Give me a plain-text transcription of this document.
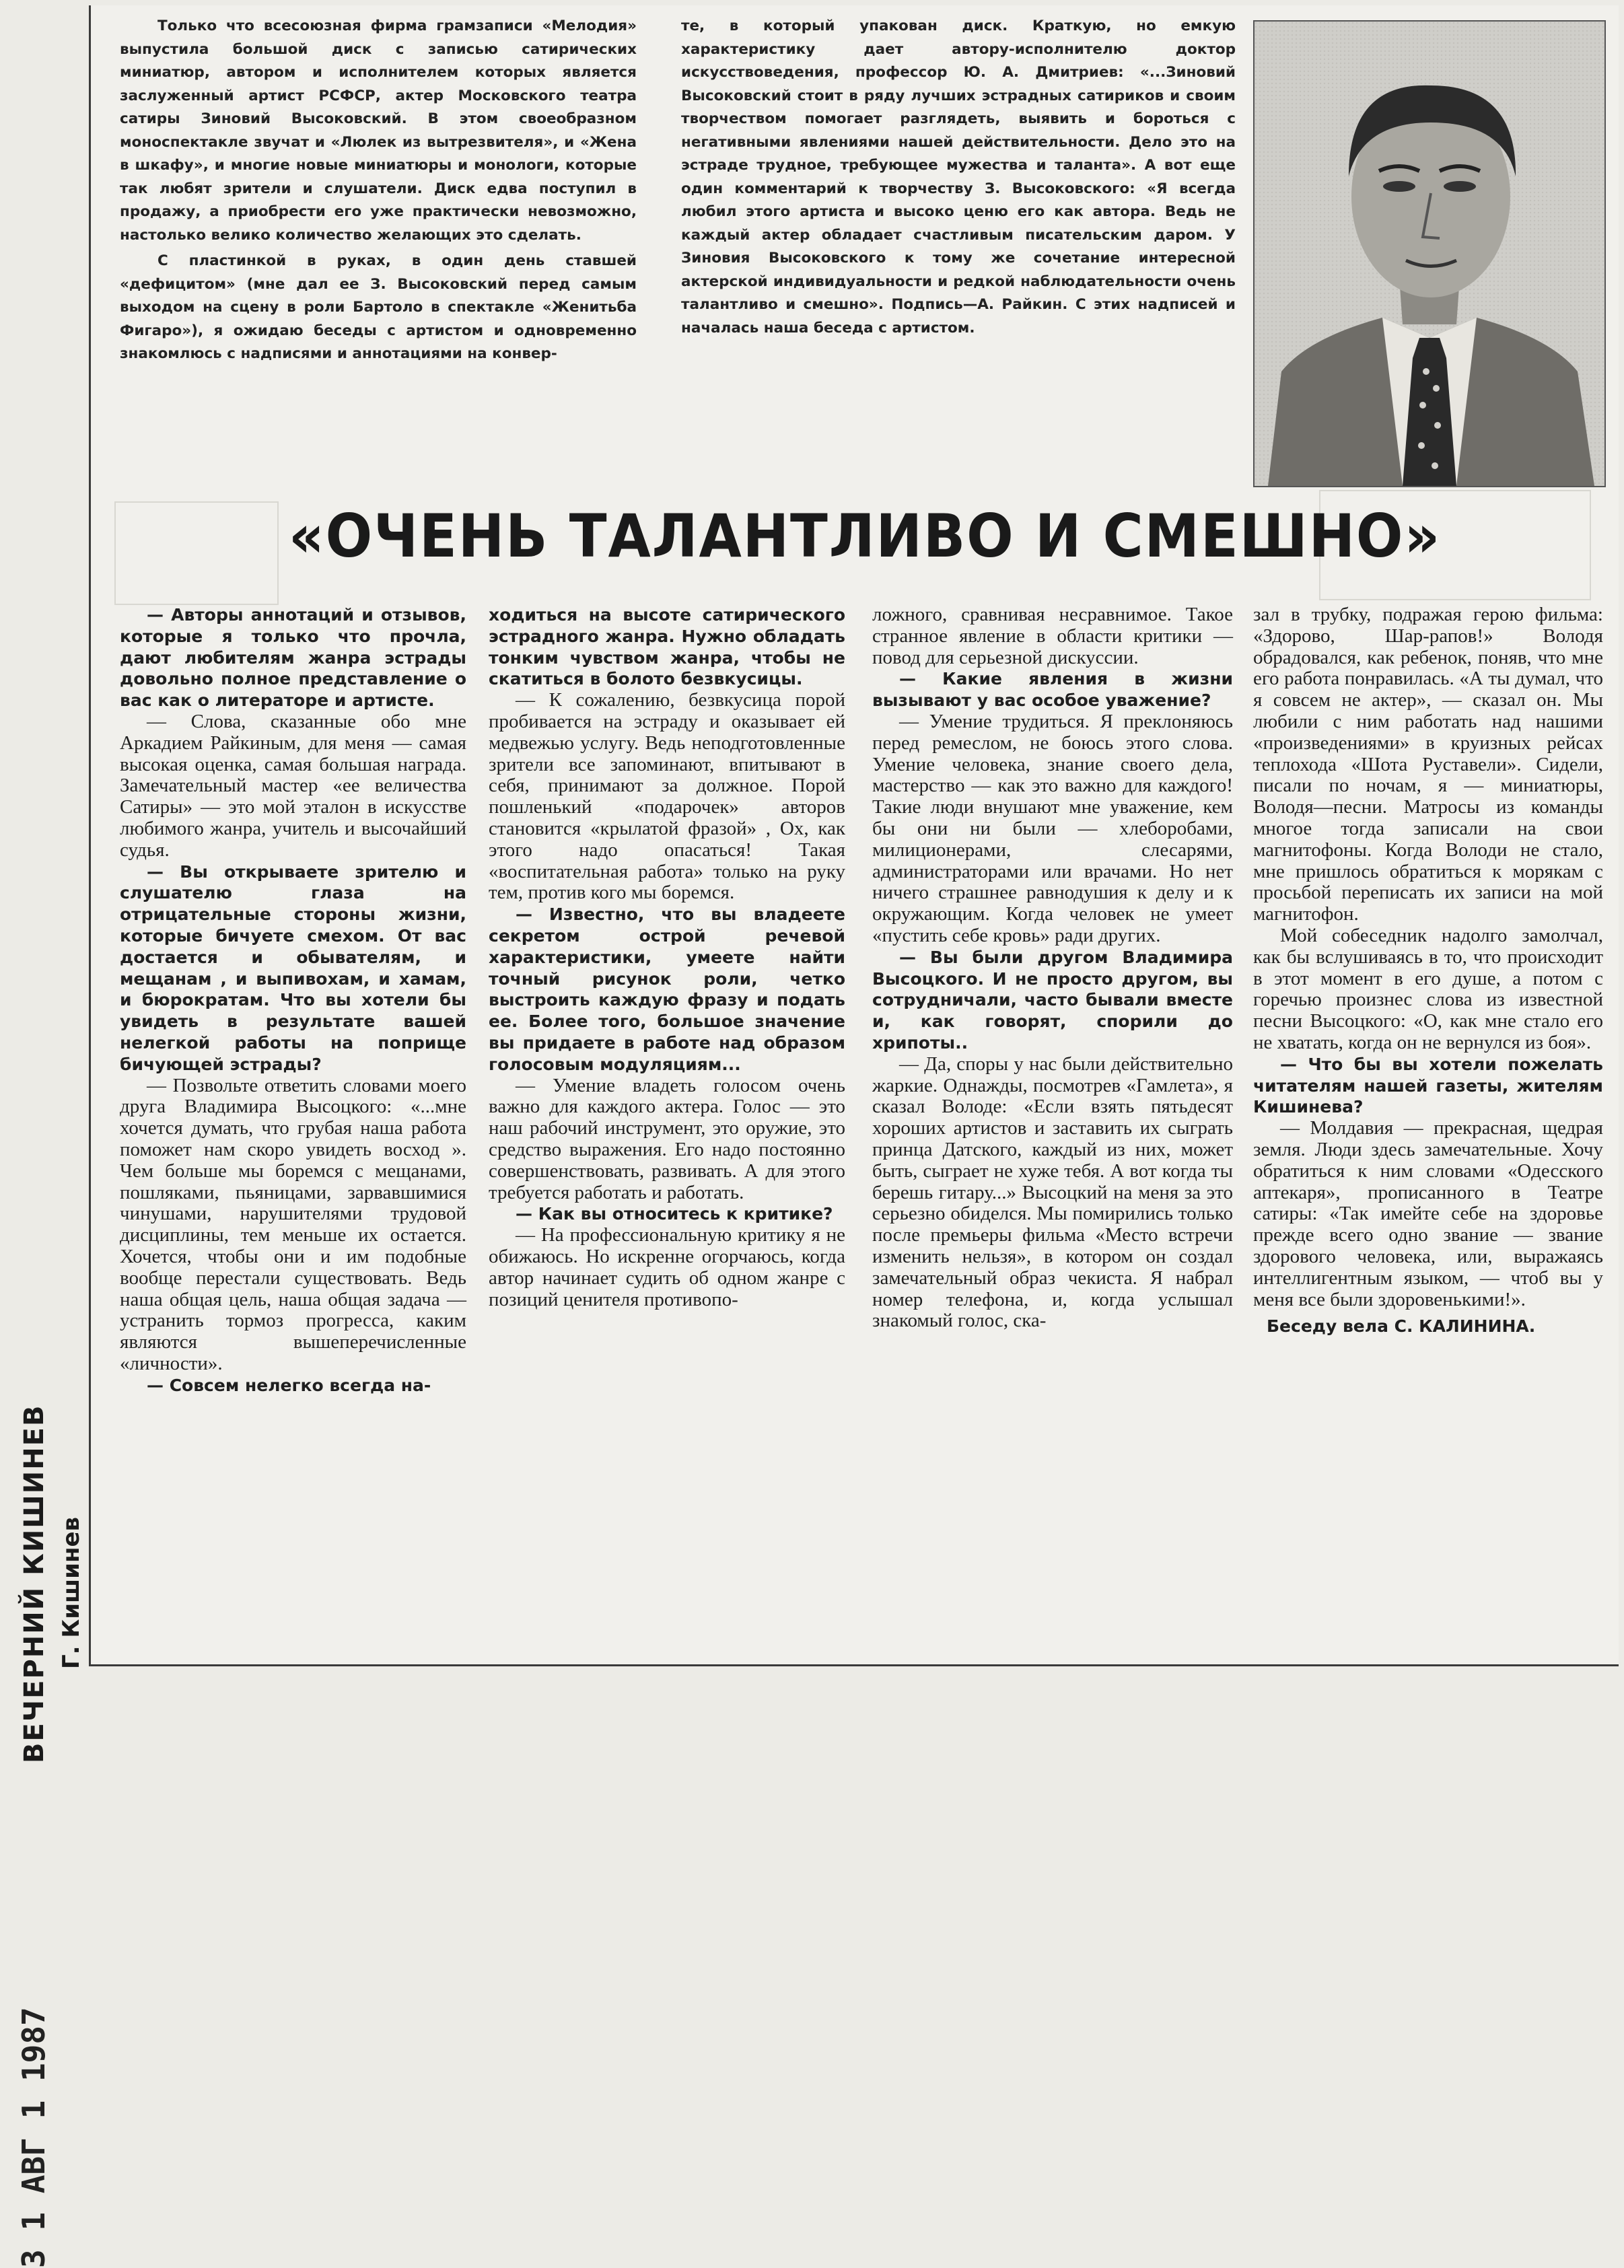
ВЕЧЕРНИЙ КИШИНЕВ Г. Кишинев
3 1 АВГ 1 1987

Только что всесоюзная фирма грамзаписи «Мелодия» выпустила большой диск с записью сатирических миниатюр, автором и исполнителем которых является заслуженный артист РСФСР, актер Московского театра сатиры Зиновий Высоковский. В этом своеобразном моноспектакле звучат и «Люлек из вытрезвителя», и «Жена в шкафу», и многие новые миниатюры и монологи, которые так любят зрители и слушатели. Диск едва поступил в продажу, а приобрести его уже практически невозможно, настолько велико количество желающих это сделать.

С пластинкой в руках, в один день ставшей «дефицитом» (мне дал ее З. Высоковский перед самым выходом на сцену в роли Бартоло в спектакле «Женитьба Фигаро»), я ожидаю беседы с артистом и одновременно знакомлюсь с надписями и аннотациями на конвер-

те, в который упакован диск. Краткую, но емкую характеристику дает автору-исполнителю доктор искусствоведения, профессор Ю. А. Дмитриев: «...Зиновий Высоковский стоит в ряду лучших эстрадных сатириков и своим творчеством помогает разглядеть, выявить и бороться с негативными явлениями нашей действительности. Дело это на эстраде трудное, требующее мужества и таланта». А вот еще один комментарий к творчеству З. Высоковского: «Я всегда любил этого артиста и высоко ценю его как автора. Ведь не каждый актер обладает счастливым писательским даром. У Зиновия Высоковского к тому же сочетание интересной актерской индивидуальности и редкой наблюдательности очень талантливо и смешно». Подпись—А. Райкин. С этих надписей и началась наша беседа с артистом.

«ОЧЕНЬ ТАЛАНТЛИВО И СМЕШНО»

— Авторы аннотаций и отзывов, которые я только что прочла, дают любителям жанра эстрады довольно полное представление о вас как о литераторе и артисте.

— Слова, сказанные обо мне Аркадием Райкиным, для меня — самая высокая оценка, самая большая награда. Замечательный мастер «ее величества Сатиры» — это мой эталон в искусстве любимого жанра, учитель и высочайший судья.

— Вы открываете зрителю и слушателю глаза на отрицательные стороны жизни, которые бичуете смехом. От вас достается и обывателям, и мещанам , и выпивохам, и хамам, и бюрократам. Что вы хотели бы увидеть в результате вашей нелегкой работы на поприще бичующей эстрады?

— Позвольте ответить словами моего друга Владимира Высоцкого: «...мне хочется думать, что грубая наша работа поможет нам скоро увидеть восход ». Чем больше мы боремся с мещанами, пошляками, пьяницами, зарвавшимися чинушами, нарушителями трудовой дисциплины, тем меньше их остается. Хочется, чтобы они и им подобные вообще перестали существовать. Ведь наша общая цель, наша общая задача — устранить тормоз прогресса, каким являются вышеперечисленные «личности».

— Совсем нелегко всегда на-

ходиться на высоте сатирического эстрадного жанра. Нужно обладать тонким чувством жанра, чтобы не скатиться в болото безвкусицы.

— К сожалению, безвкусица порой пробивается на эстраду и оказывает ей медвежью услугу. Ведь неподготовленные зрители все запоминают, впитывают в себя, принимают за должное. Порой пошленький «подарочек» авторов становится «крылатой фразой» , Ох, как этого надо опасаться! Такая «воспитательная работа» только на руку тем, против кого мы боремся.

— Известно, что вы владеете секретом острой речевой характеристики, умеете найти точный рисунок роли, четко выстроить каждую фразу и подать ее. Более того, большое значение вы придаете в работе над образом голосовым модуляциям...

— Умение владеть голосом очень важно для каждого актера. Голос — это наш рабочий инструмент, это оружие, это средство выражения. Его надо постоянно совершенствовать, развивать. А для этого требуется работать и работать.

— Как вы относитесь к критике?

— На профессиональную критику я не обижаюсь. Но искренне огорчаюсь, когда автор начинает судить об одном жанре с позиций ценителя противопо-

ложного, сравнивая несравнимое. Такое странное явление в области критики — повод для серьезной дискуссии.

— Какие явления в жизни вызывают у вас особое уважение?

— Умение трудиться. Я преклоняюсь перед ремеслом, не боюсь этого слова. Умение человека, знание своего дела, мастерство — как это важно для каждого! Такие люди внушают мне уважение, кем бы они ни были — хлеборобами, милиционерами, слесарями, администраторами или врачами. Но нет ничего страшнее равнодушия к делу и к окружающим. Когда человек не умеет «пустить себе кровь» ради других.

— Вы были другом Владимира Высоцкого. И не просто другом, вы сотрудничали, часто бывали вместе и, как говорят, спорили до хрипоты..

— Да, споры у нас были действительно жаркие. Однажды, посмотрев «Гамлета», я сказал Володе: «Если взять пятьдесят хороших артистов и заставить их сыграть принца Датского, каждый из них, может быть, сыграет не хуже тебя. А вот когда ты берешь гитару...» Высоцкий на меня за это серьезно обиделся. Мы помирились только после премьеры фильма «Место встречи изменить нельзя», в котором он создал замечательный образ чекиста. Я набрал номер телефона, и, когда услышал знакомый голос, ска-

зал в трубку, подражая герою фильма: «Здорово, Шар-рапов!» Володя обрадовался, как ребенок, поняв, что мне его работа понравилась. «А ты думал, что я совсем не актер», — сказал он. Мы любили с ним работать над нашими «произведениями» в круизных рейсах теплохода «Шота Руставели». Сидели, писали по ночам, я — миниатюры, Володя—песни. Матросы из команды многое тогда записали на свои магнитофоны. Когда Володи не стало, мне пришлось обратиться к морякам с просьбой переписать их записи на мой магнитофон.

Мой собеседник надолго замолчал, как бы вслушиваясь в то, что происходит в этот момент в его душе, а потом с горечью произнес слова из известной песни Высоцкого: «О, как мне стало его не хватать, когда он не вернулся из боя».

— Что бы вы хотели пожелать читателям нашей газеты, жителям Кишинева?

— Молдавия — прекрасная, щедрая земля. Люди здесь замечательные. Хочу обратиться к ним словами «Одесского аптекаря», прописанного в Театре сатиры: «Так имейте себе на здоровье прежде всего одно звание — звание здорового человека, или, выражаясь интеллигентным языком, — чтоб вы у меня все были здоровенькими!».

Беседу вела С. КАЛИНИНА.
